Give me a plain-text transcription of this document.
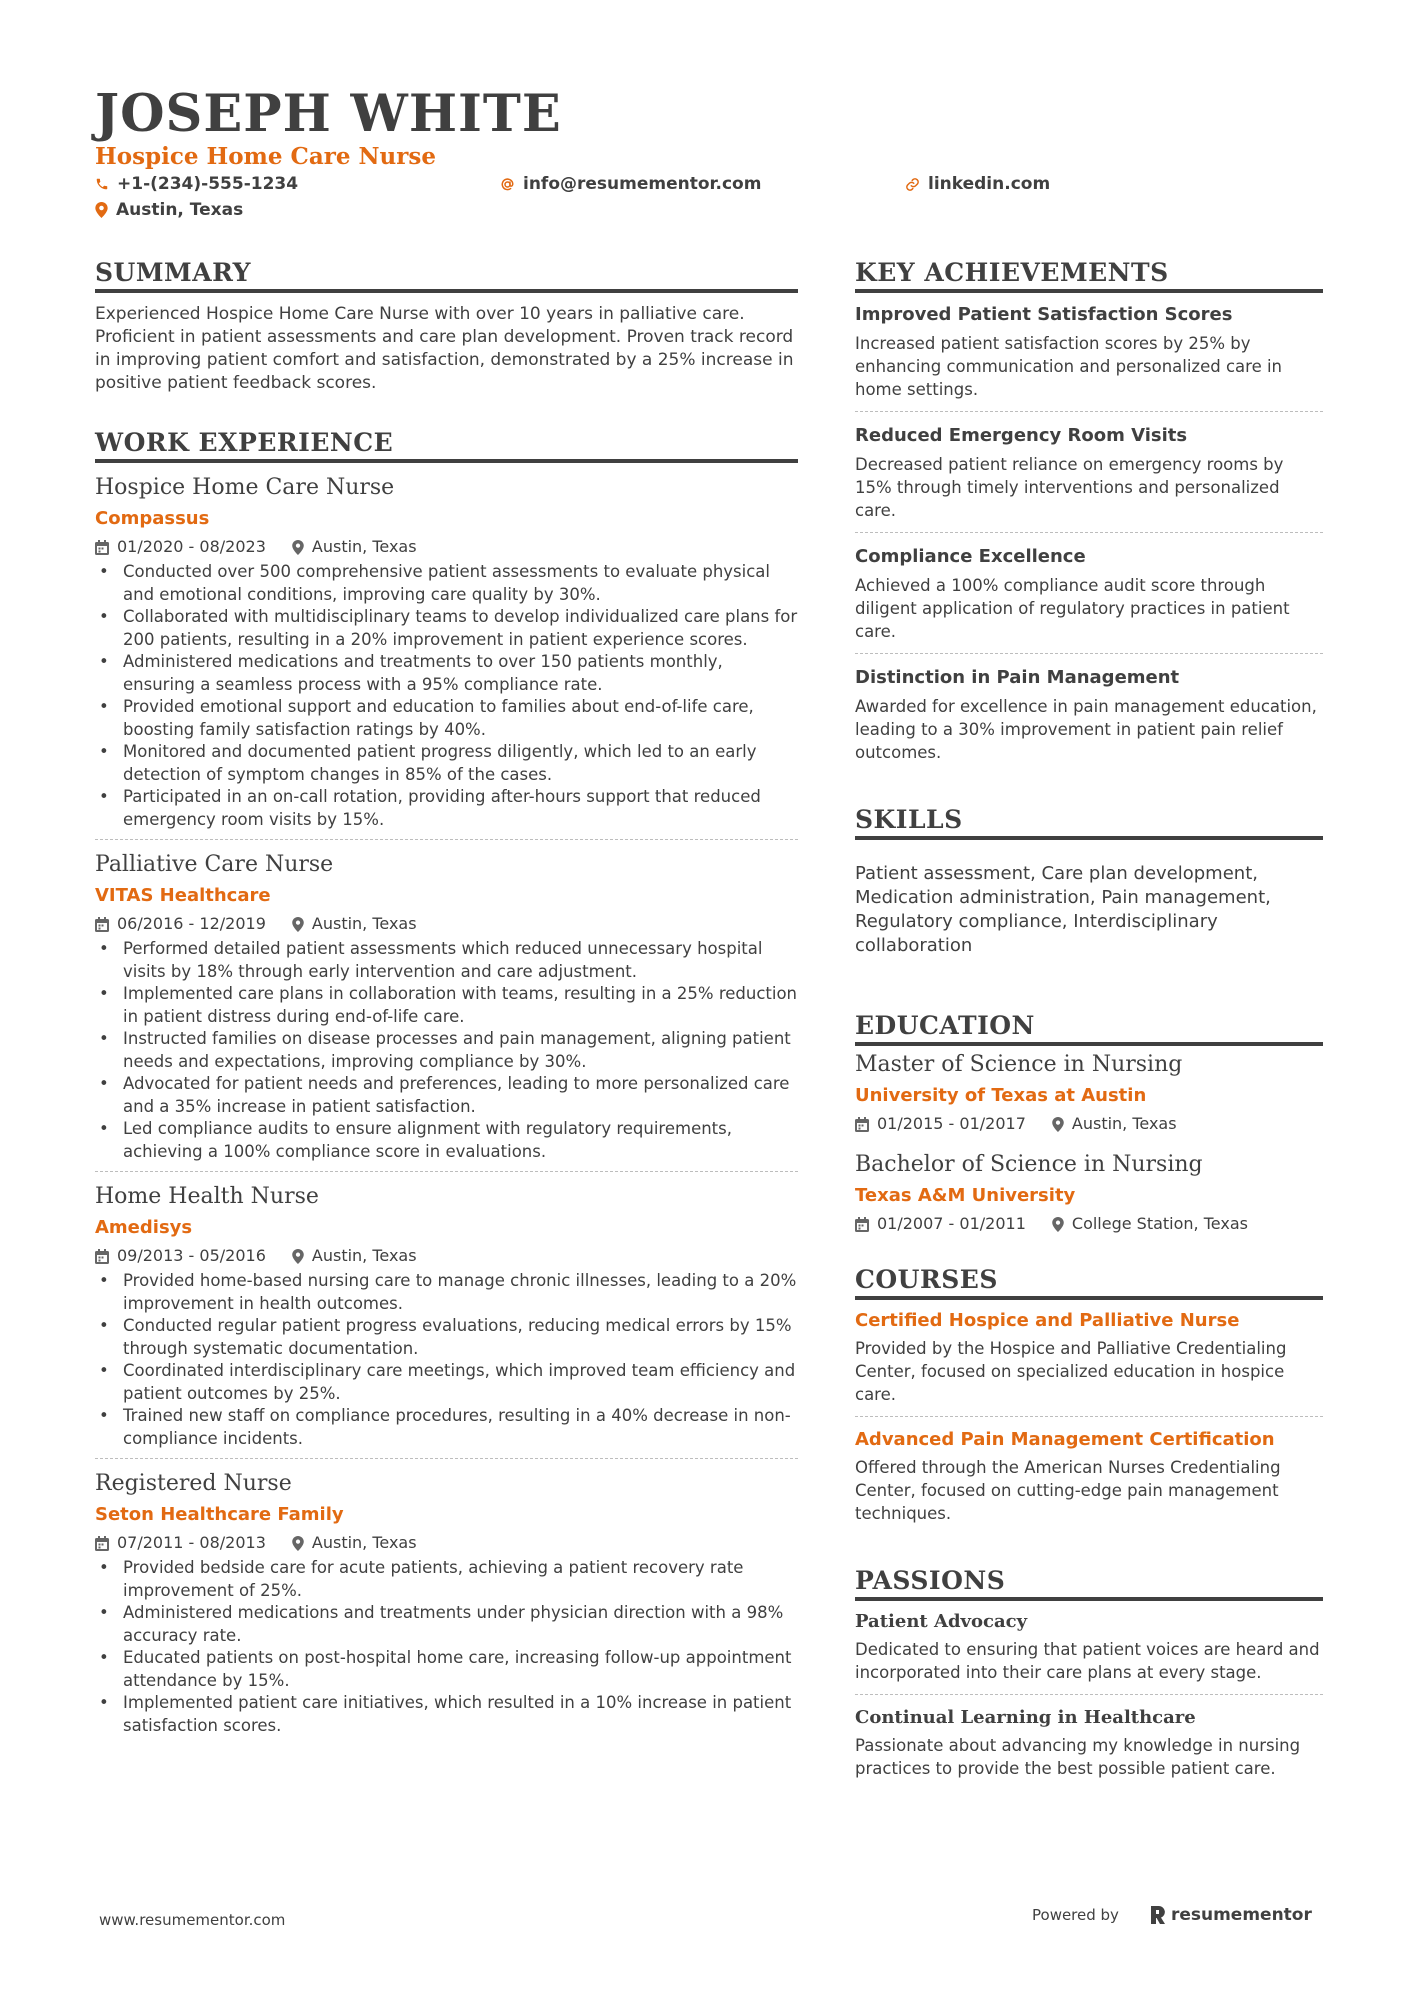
JOSEPH WHITE
Hospice Home Care Nurse
+1-(234)-555-1234	info@resumementor.com	linkedin.com
Austin, Texas
SUMMARY

Experienced Hospice Home Care Nurse with over 10 years in palliative care. Proficient in patient assessments and care plan development. Proven track record in improving patient comfort and satisfaction, demonstrated by a 25% increase in positive patient feedback scores.

WORK EXPERIENCE
Hospice Home Care Nurse
Compassus
01/2020 - 08/2023	Austin, Texas
• Conducted over 500 comprehensive patient assessments to evaluate physical and emotional conditions, improving care quality by 30%.
• Collaborated with multidisciplinary teams to develop individualized care plans for 200 patients, resulting in a 20% improvement in patient experience scores.
• Administered medications and treatments to over 150 patients monthly, ensuring a seamless process with a 95% compliance rate.
• Provided emotional support and education to families about end-of-life care, boosting family satisfaction ratings by 40%.
• Monitored and documented patient progress diligently, which led to an early detection of symptom changes in 85% of the cases.
• Participated in an on-call rotation, providing after-hours support that reduced emergency room visits by 15%.
Palliative Care Nurse
VITAS Healthcare
06/2016 - 12/2019	Austin, Texas
• Performed detailed patient assessments which reduced unnecessary hospital visits by 18% through early intervention and care adjustment.
• Implemented care plans in collaboration with teams, resulting in a 25% reduction in patient distress during end-of-life care.
• Instructed families on disease processes and pain management, aligning patient needs and expectations, improving compliance by 30%.
• Advocated for patient needs and preferences, leading to more personalized care and a 35% increase in patient satisfaction.
• Led compliance audits to ensure alignment with regulatory requirements, achieving a 100% compliance score in evaluations.
Home Health Nurse
Amedisys
09/2013 - 05/2016	Austin, Texas
• Provided home-based nursing care to manage chronic illnesses, leading to a 20% improvement in health outcomes.
• Conducted regular patient progress evaluations, reducing medical errors by 15% through systematic documentation.
• Coordinated interdisciplinary care meetings, which improved team efficiency and patient outcomes by 25%.
• Trained new staff on compliance procedures, resulting in a 40% decrease in non-compliance incidents.
Registered Nurse
Seton Healthcare Family
07/2011 - 08/2013	Austin, Texas
• Provided bedside care for acute patients, achieving a patient recovery rate improvement of 25%.
• Administered medications and treatments under physician direction with a 98% accuracy rate.
• Educated patients on post-hospital home care, increasing follow-up appointment attendance by 15%.
• Implemented patient care initiatives, which resulted in a 10% increase in patient satisfaction scores.
KEY ACHIEVEMENTS
Improved Patient Satisfaction Scores

Increased patient satisfaction scores by 25% by enhancing communication and personalized care in home settings.

Reduced Emergency Room Visits

Decreased patient reliance on emergency rooms by 15% through timely interventions and personalized care.

Compliance Excellence

Achieved a 100% compliance audit score through diligent application of regulatory practices in patient care.

Distinction in Pain Management

Awarded for excellence in pain management education, leading to a 30% improvement in patient pain relief outcomes.

SKILLS

Patient assessment, Care plan development, Medication administration, Pain management, Regulatory compliance, Interdisciplinary collaboration

EDUCATION
Master of Science in Nursing
University of Texas at Austin
01/2015 - 01/2017	Austin, Texas
Bachelor of Science in Nursing
Texas A&M University
01/2007 - 01/2011	College Station, Texas
COURSES
Certified Hospice and Palliative Nurse

Provided by the Hospice and Palliative Credentialing Center, focused on specialized education in hospice care.

Advanced Pain Management Certification

Offered through the American Nurses Credentialing Center, focused on cutting-edge pain management techniques.

PASSIONS
Patient Advocacy

Dedicated to ensuring that patient voices are heard and incorporated into their care plans at every stage.

Continual Learning in Healthcare

Passionate about advancing my knowledge in nursing practices to provide the best possible patient care.

www.resumementor.com	Powered by	resumementor
